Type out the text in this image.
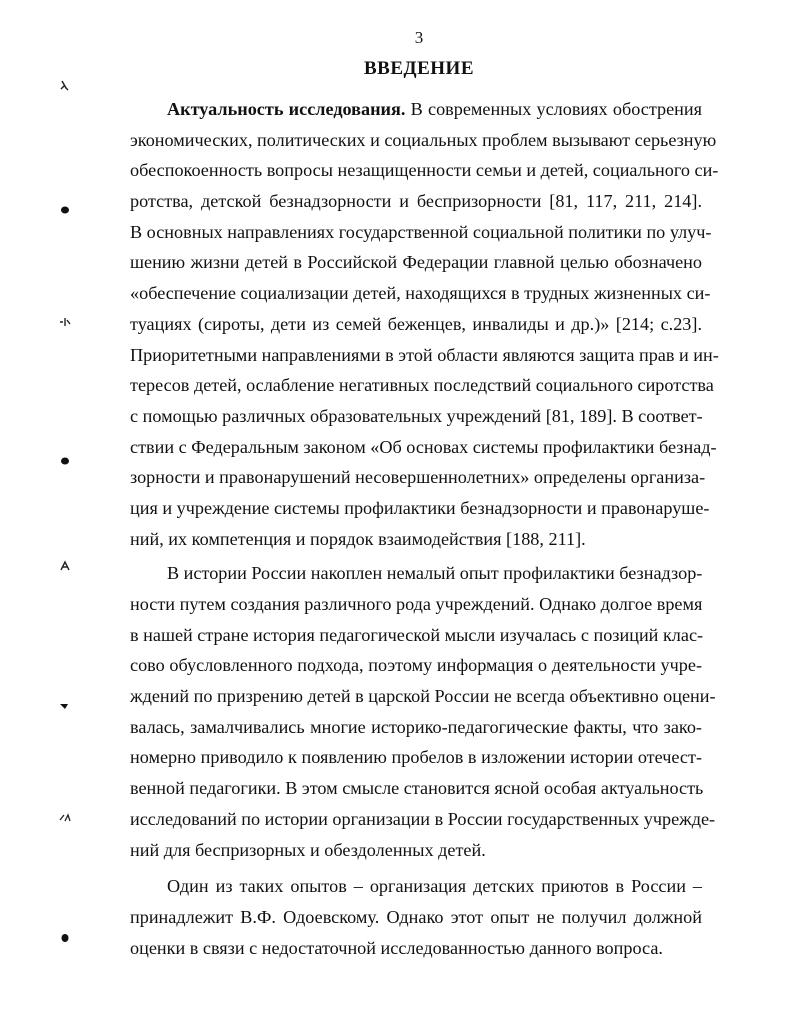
3
ВВЕДЕНИЕ
Актуальность исследования. В современных условиях обострения
экономических, политических и социальных проблем вызывают серьезную
обеспокоенность вопросы незащищенности семьи и детей, социального си-
ротства, детской безнадзорности и беспризорности [81, 117, 211, 214].
В основных направлениях государственной социальной политики по улуч-
шению жизни детей в Российской Федерации главной целью обозначено
«обеспечение социализации детей, находящихся в трудных жизненных си-
туациях (сироты, дети из семей беженцев, инвалиды и др.)» [214; с.23].
Приоритетными направлениями в этой области являются защита прав и ин-
тересов детей, ослабление негативных последствий социального сиротства
с помощью различных образовательных учреждений [81, 189]. В соответ-
ствии с Федеральным законом «Об основах системы профилактики безнад-
зорности и правонарушений несовершеннолетних» определены организа-
ция и учреждение системы профилактики безнадзорности и правонаруше-
ний, их компетенция и порядок взаимодействия [188, 211].
В истории России накоплен немалый опыт профилактики безнадзор-
ности путем создания различного рода учреждений. Однако долгое время
в нашей стране история педагогической мысли изучалась с позиций клас-
сово обусловленного подхода, поэтому информация о деятельности учре-
ждений по призрению детей в царской России не всегда объективно оцени-
валась, замалчивались многие историко-педагогические факты, что зако-
номерно приводило к появлению пробелов в изложении истории отечест-
венной педагогики. В этом смысле становится ясной особая актуальность
исследований по истории организации в России государственных учрежде-
ний для беспризорных и обездоленных детей.
Один из таких опытов – организация детских приютов в России –
принадлежит В.Ф. Одоевскому. Однако этот опыт не получил должной
оценки в связи с недостаточной исследованностью данного вопроса.
